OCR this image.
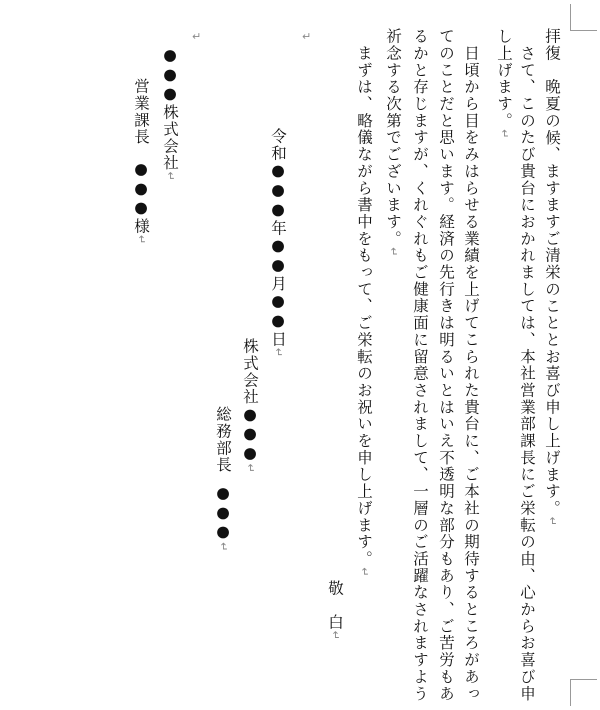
拝復　晩夏の候、ますますご清栄のこととお喜び申し上げます。↵
　さて、このたび貴台におかれましては、本社営業部課長にご栄転の由、心からお喜び申
し上げます。↵
　日頃から目をみはらせる業績を上げてこられた貴台に、ご本社の期待するところがあっ
てのことだと思います。経済の先行きは明るいとはいえ不透明な部分もあり、ご苦労もあ
るかと存じますが、くれぐれもご健康面に留意されまして、一層のご活躍なされますよう
祈念する次第でございます。↵
　まずは、略儀ながら書中をもって、ご栄転のお祝いを申し上げます。↵
敬　白↵
↵
令和●●●年●●月●●日↵
株式会社●●●↵
総務部長
●●●↵
↵
●●●株式会社↵
営業課長
●●●様↵
